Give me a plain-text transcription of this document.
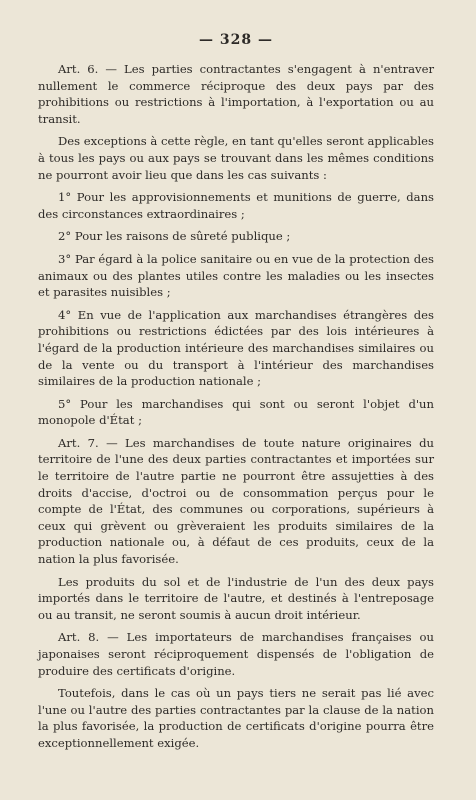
— 328 —

Art. 6. — Les parties contractantes s'engagent à n'entraver nullement le commerce réciproque des deux pays par des prohibitions ou restrictions à l'importation, à l'exportation ou au transit.

Des exceptions à cette règle, en tant qu'elles seront applicables à tous les pays ou aux pays se trouvant dans les mêmes conditions ne pourront avoir lieu que dans les cas suivants :

1° Pour les approvisionnements et munitions de guerre, dans des circonstances extraordinaires ;

2° Pour les raisons de sûreté publique ;

3° Par égard à la police sanitaire ou en vue de la protection des animaux ou des plantes utiles contre les maladies ou les insectes et parasites nuisibles ;

4° En vue de l'application aux marchandises étrangères des prohibitions ou restrictions édictées par des lois intérieures à l'égard de la production intérieure des marchandises similaires ou de la vente ou du transport à l'intérieur des marchandises similaires de la production nationale ;

5° Pour les marchandises qui sont ou seront l'objet d'un monopole d'État ;

Art. 7. — Les marchandises de toute nature originaires du territoire de l'une des deux parties contractantes et importées sur le territoire de l'autre partie ne pourront être assujetties à des droits d'accise, d'octroi ou de consommation perçus pour le compte de l'État, des communes ou corporations, supérieurs à ceux qui grèvent ou grèveraient les produits similaires de la production nationale ou, à défaut de ces produits, ceux de la nation la plus favorisée.

Les produits du sol et de l'industrie de l'un des deux pays importés dans le territoire de l'autre, et destinés à l'entreposage ou au transit, ne seront soumis à aucun droit intérieur.

Art. 8. — Les importateurs de marchandises françaises ou japonaises seront réciproquement dispensés de l'obligation de produire des certificats d'origine.

Toutefois, dans le cas où un pays tiers ne serait pas lié avec l'une ou l'autre des parties contractantes par la clause de la nation la plus favorisée, la production de certificats d'origine pourra être exceptionnellement exigée.
